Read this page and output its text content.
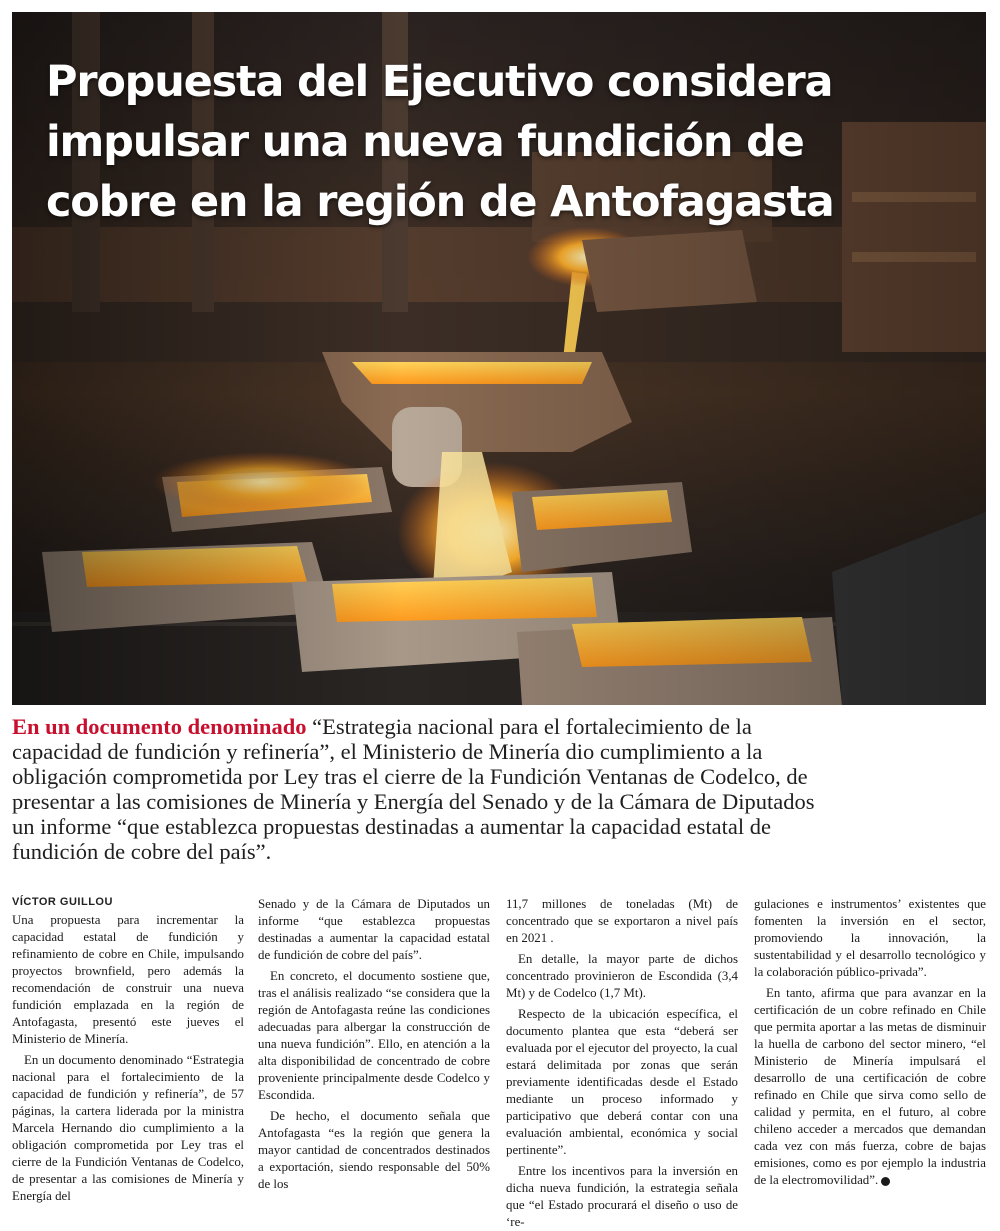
Propuesta del Ejecutivo considera impulsar una nueva fundición de cobre en la región de Antofagasta

En un documento denominado “Estrategia nacional para el fortalecimiento de la capacidad de fundición y refinería”, el Ministerio de Minería dio cumplimiento a la obligación comprometida por Ley tras el cierre de la Fundición Ventanas de Codelco, de presentar a las comisiones de Minería y Energía del Senado y de la Cámara de Diputados un informe “que establezca propuestas destinadas a aumentar la capacidad estatal de fundición de cobre del país”.

VÍCTOR GUILLOU

Una propuesta para incrementar la capacidad estatal de fundición y refinamiento de cobre en Chile, impulsando proyectos brownfield, pero además la recomendación de construir una nueva fundición emplazada en la región de Antofagasta, presentó este jueves el Ministerio de Minería.

En un documento denominado “Estrategia nacional para el fortalecimiento de la capacidad de fundición y refinería”, de 57 páginas, la cartera liderada por la ministra Marcela Hernando dio cumplimiento a la obligación comprometida por Ley tras el cierre de la Fundición Ventanas de Codelco, de presentar a las comisiones de Minería y Energía del

Senado y de la Cámara de Diputados un informe “que establezca propuestas destinadas a aumentar la capacidad estatal de fundición de cobre del país”.

En concreto, el documento sostiene que, tras el análisis realizado “se considera que la región de Antofagasta reúne las condiciones adecuadas para albergar la construcción de una nueva fundición”. Ello, en atención a la alta disponibilidad de concentrado de cobre proveniente principalmente desde Codelco y Escondida.

De hecho, el documento señala que Antofagasta “es la región que genera la mayor cantidad de concentrados destinados a exportación, siendo responsable del 50% de los

11,7 millones de toneladas (Mt) de concentrado que se exportaron a nivel país en 2021 .

En detalle, la mayor parte de dichos concentrado provinieron de Escondida (3,4 Mt) y de Codelco (1,7 Mt).

Respecto de la ubicación específica, el documento plantea que esta “deberá ser evaluada por el ejecutor del proyecto, la cual estará delimitada por zonas que serán previamente identificadas desde el Estado mediante un proceso informado y participativo que deberá contar con una evaluación ambiental, económica y social pertinente”.

Entre los incentivos para la inversión en dicha nueva fundición, la estrategia señala que “el Estado procurará el diseño o uso de ‘re-

gulaciones e instrumentos’ existentes que fomenten la inversión en el sector, promoviendo la innovación, la sustentabilidad y el desarrollo tecnológico y la colaboración público-privada”.

En tanto, afirma que para avanzar en la certificación de un cobre refinado en Chile que permita aportar a las metas de disminuir la huella de carbono del sector minero, “el Ministerio de Minería impulsará el desarrollo de una certificación de cobre refinado en Chile que sirva como sello de calidad y permita, en el futuro, al cobre chileno acceder a mercados que demandan cada vez con más fuerza, cobre de bajas emisiones, como es por ejemplo la industria de la electromovilidad”.
